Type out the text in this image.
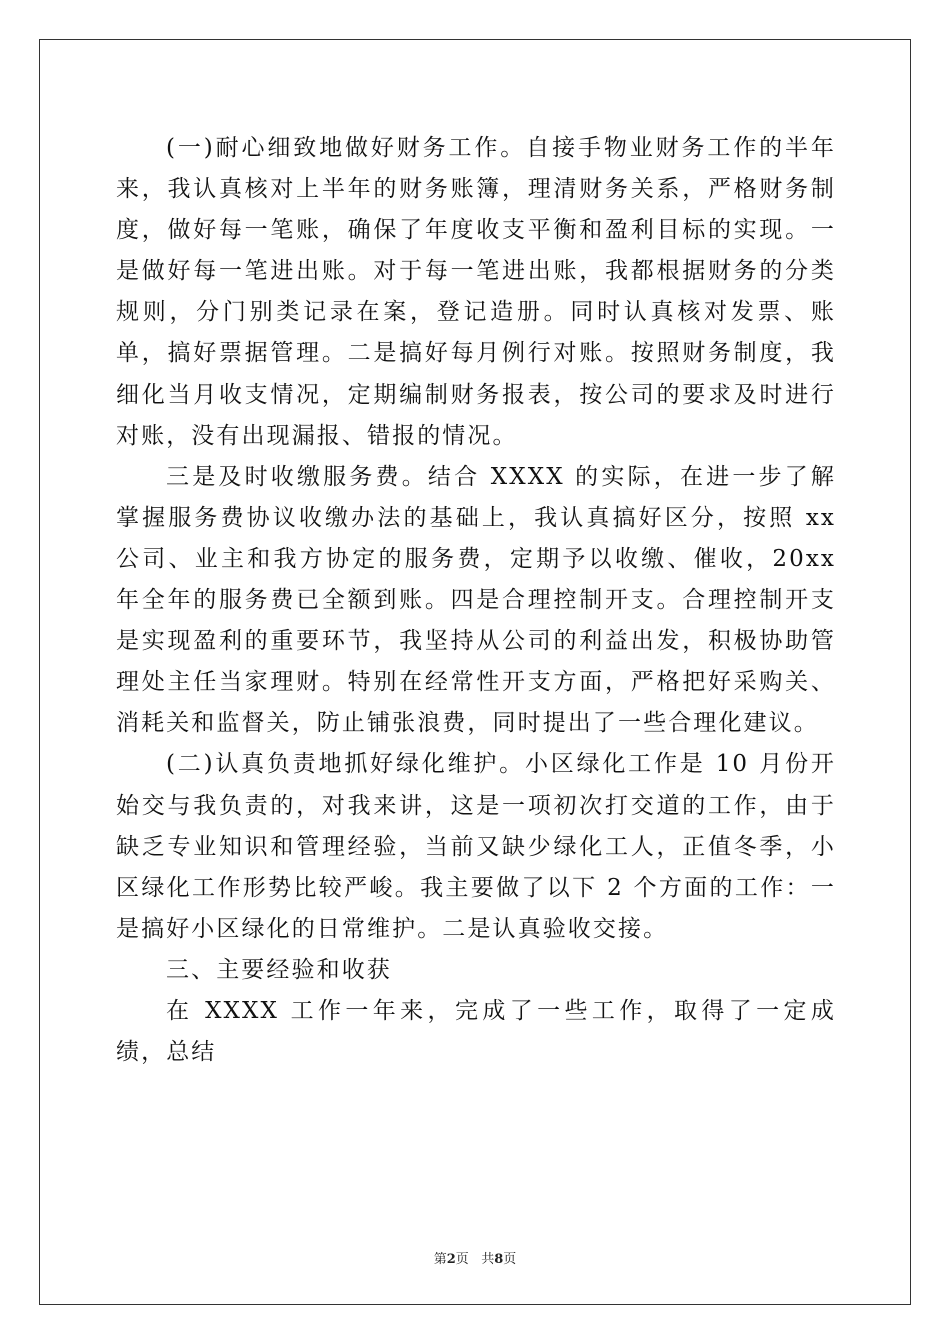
(一)耐心细致地做好财务工作。自接手物业财务工作的半年来，我认真核对上半年的财务账簿，理清财务关系，严格财务制度，做好每一笔账，确保了年度收支平衡和盈利目标的实现。一是做好每一笔进出账。对于每一笔进出账，我都根据财务的分类规则，分门别类记录在案，登记造册。同时认真核对发票、账单，搞好票据管理。二是搞好每月例行对账。按照财务制度，我细化当月收支情况，定期编制财务报表，按公司的要求及时进行对账，没有出现漏报、错报的情况。

三是及时收缴服务费。结合 XXXX 的实际，在进一步了解掌握服务费协议收缴办法的基础上，我认真搞好区分，按照 xx 公司、业主和我方协定的服务费，定期予以收缴、催收，20xx 年全年的服务费已全额到账。四是合理控制开支。合理控制开支是实现盈利的重要环节，我坚持从公司的利益出发，积极协助管理处主任当家理财。特别在经常性开支方面，严格把好采购关、消耗关和监督关，防止铺张浪费，同时提出了一些合理化建议。

(二)认真负责地抓好绿化维护。小区绿化工作是 10 月份开始交与我负责的，对我来讲，这是一项初次打交道的工作，由于缺乏专业知识和管理经验，当前又缺少绿化工人，正值冬季，小区绿化工作形势比较严峻。我主要做了以下 2 个方面的工作：一是搞好小区绿化的日常维护。二是认真验收交接。

三、主要经验和收获

在 XXXX 工作一年来，完成了一些工作，取得了一定成绩，总结

第2页 共8页
